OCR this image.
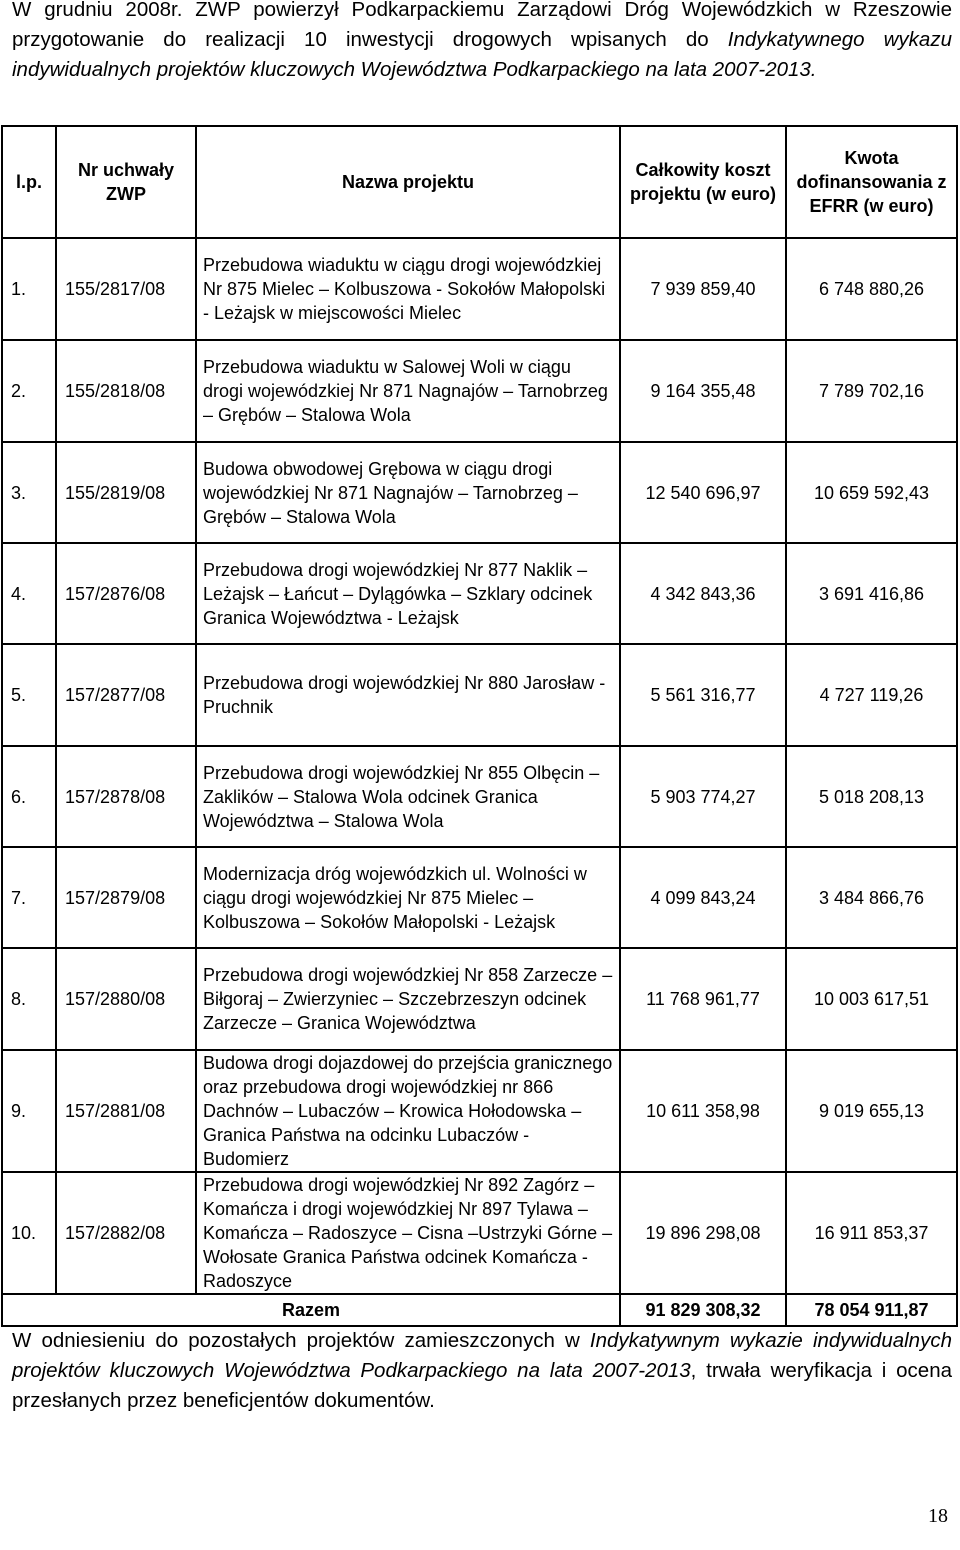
W grudniu 2008r. ZWP powierzył Podkarpackiemu Zarządowi Dróg Wojewódzkich w Rzeszowie przygotowanie do realizacji 10 inwestycji drogowych wpisanych do Indykatywnego wykazu indywidualnych projektów kluczowych Województwa Podkarpackiego na lata 2007-2013.

l.p.	Nr uchwały ZWP	Nazwa projektu	Całkowity koszt projektu (w euro)	Kwota dofinansowania z EFRR (w euro)
1.	155/2817/08	Przebudowa wiaduktu w ciągu drogi wojewódzkiej Nr 875 Mielec – Kolbuszowa - Sokołów Małopolski - Leżajsk w miejscowości Mielec	7 939 859,40	6 748 880,26
2.	155/2818/08	Przebudowa wiaduktu w Salowej Woli w ciągu drogi wojewódzkiej Nr 871 Nagnajów – Tarnobrzeg – Grębów – Stalowa Wola	9 164 355,48	7 789 702,16
3.	155/2819/08	Budowa obwodowej Grębowa w ciągu drogi wojewódzkiej Nr 871 Nagnajów – Tarnobrzeg – Grębów – Stalowa Wola	12 540 696,97	10 659 592,43
4.	157/2876/08	Przebudowa drogi wojewódzkiej Nr 877 Naklik – Leżajsk – Łańcut – Dylągówka – Szklary odcinek Granica Województwa - Leżajsk	4 342 843,36	3 691 416,86
5.	157/2877/08	Przebudowa drogi wojewódzkiej Nr 880 Jarosław - Pruchnik	5 561 316,77	4 727 119,26
6.	157/2878/08	Przebudowa drogi wojewódzkiej Nr 855 Olbęcin – Zaklików – Stalowa Wola odcinek Granica Województwa – Stalowa Wola	5 903 774,27	5 018 208,13
7.	157/2879/08	Modernizacja dróg wojewódzkich ul. Wolności w ciągu drogi wojewódzkiej Nr 875 Mielec – Kolbuszowa – Sokołów Małopolski - Leżajsk	4 099 843,24	3 484 866,76
8.	157/2880/08	Przebudowa drogi wojewódzkiej Nr 858 Zarzecze – Biłgoraj – Zwierzyniec – Szczebrzeszyn odcinek Zarzecze – Granica Województwa	11 768 961,77	10 003 617,51
9.	157/2881/08	Budowa drogi dojazdowej do przejścia granicznego oraz przebudowa drogi wojewódzkiej nr 866 Dachnów – Lubaczów – Krowica Hołodowska – Granica Państwa na odcinku Lubaczów - Budomierz	10 611 358,98	9 019 655,13
10.	157/2882/08	Przebudowa drogi wojewódzkiej Nr 892 Zagórz – Komańcza i drogi wojewódzkiej Nr 897 Tylawa – Komańcza – Radoszyce – Cisna –Ustrzyki Górne – Wołosate Granica Państwa odcinek Komańcza - Radoszyce	19 896 298,08	16 911 853,37
Razem			91 829 308,32	78 054 911,87

W odniesieniu do pozostałych projektów zamieszczonych w Indykatywnym wykazie indywidualnych projektów kluczowych Województwa Podkarpackiego na lata 2007-2013, trwała weryfikacja i ocena przesłanych przez beneficjentów dokumentów.

18
